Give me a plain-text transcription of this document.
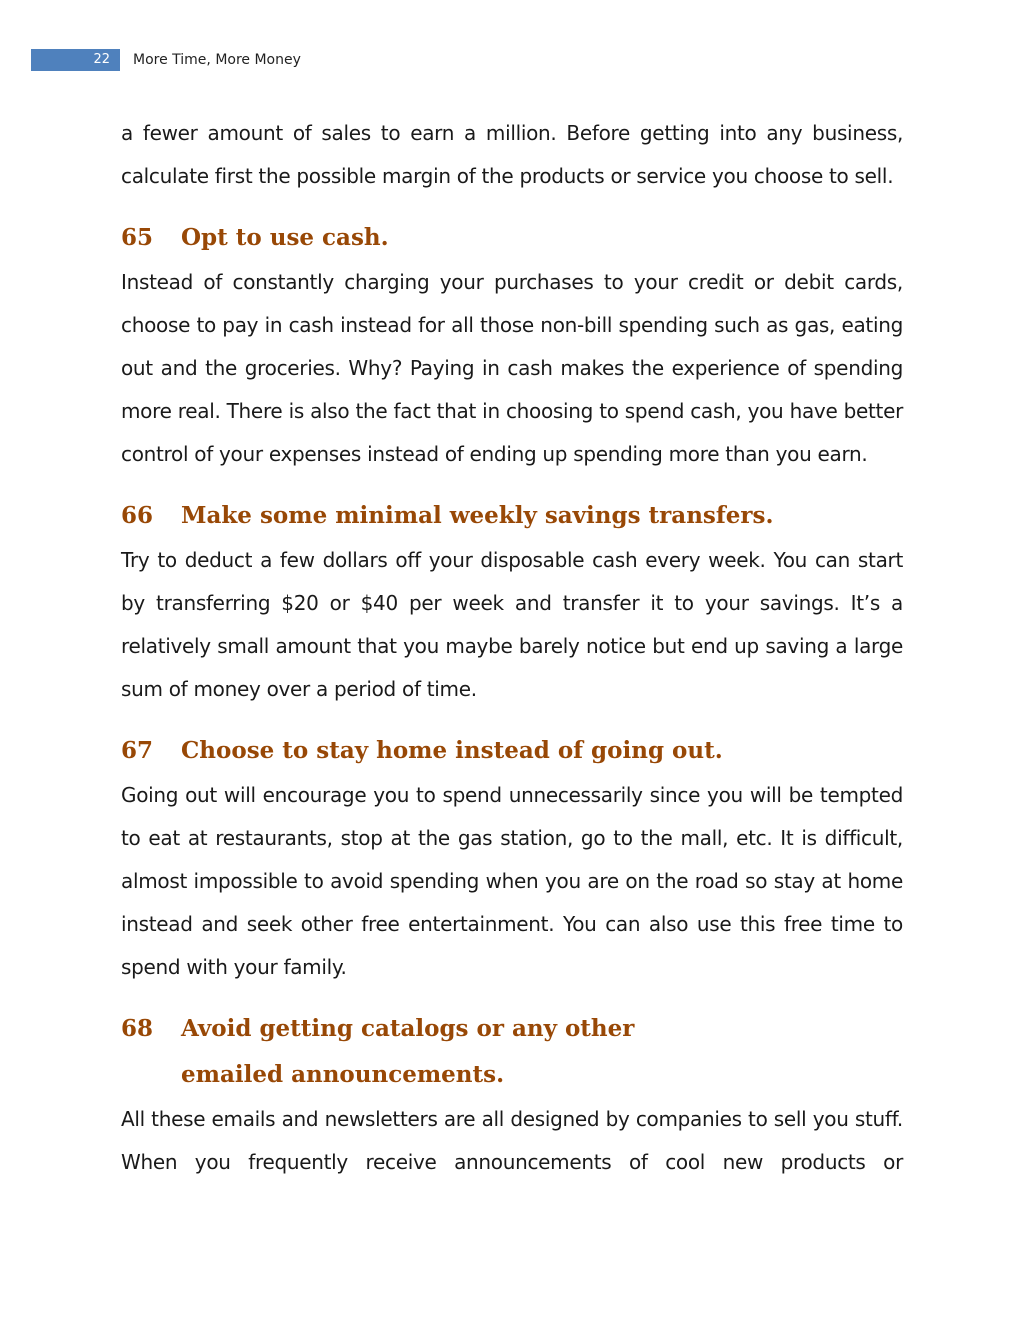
22	More Time, More Money

a fewer amount of sales to earn a million. Before getting into any business, calculate first the possible margin of the products or service you choose to sell.

65	Opt to use cash.

Instead of constantly charging your purchases to your credit or debit cards, choose to pay in cash instead for all those non-bill spending such as gas, eating out and the groceries. Why? Paying in cash makes the experience of spending more real. There is also the fact that in choosing to spend cash, you have better control of your expenses instead of ending up spending more than you earn.

66	Make some minimal weekly savings transfers.

Try to deduct a few dollars off your disposable cash every week. You can start by transferring $20 or $40 per week and transfer it to your savings. It’s a relatively small amount that you maybe barely notice but end up saving a large sum of money over a period of time.

67	Choose to stay home instead of going out.

Going out will encourage you to spend unnecessarily since you will be tempted to eat at restaurants, stop at the gas station, go to the mall, etc. It is difficult, almost impossible to avoid spending when you are on the road so stay at home instead and seek other free entertainment. You can also use this free time to spend with your family.

68	Avoid getting catalogs or any other emailed announcements.

All these emails and newsletters are all designed by companies to sell you stuff. When you frequently receive announcements of cool new products or
